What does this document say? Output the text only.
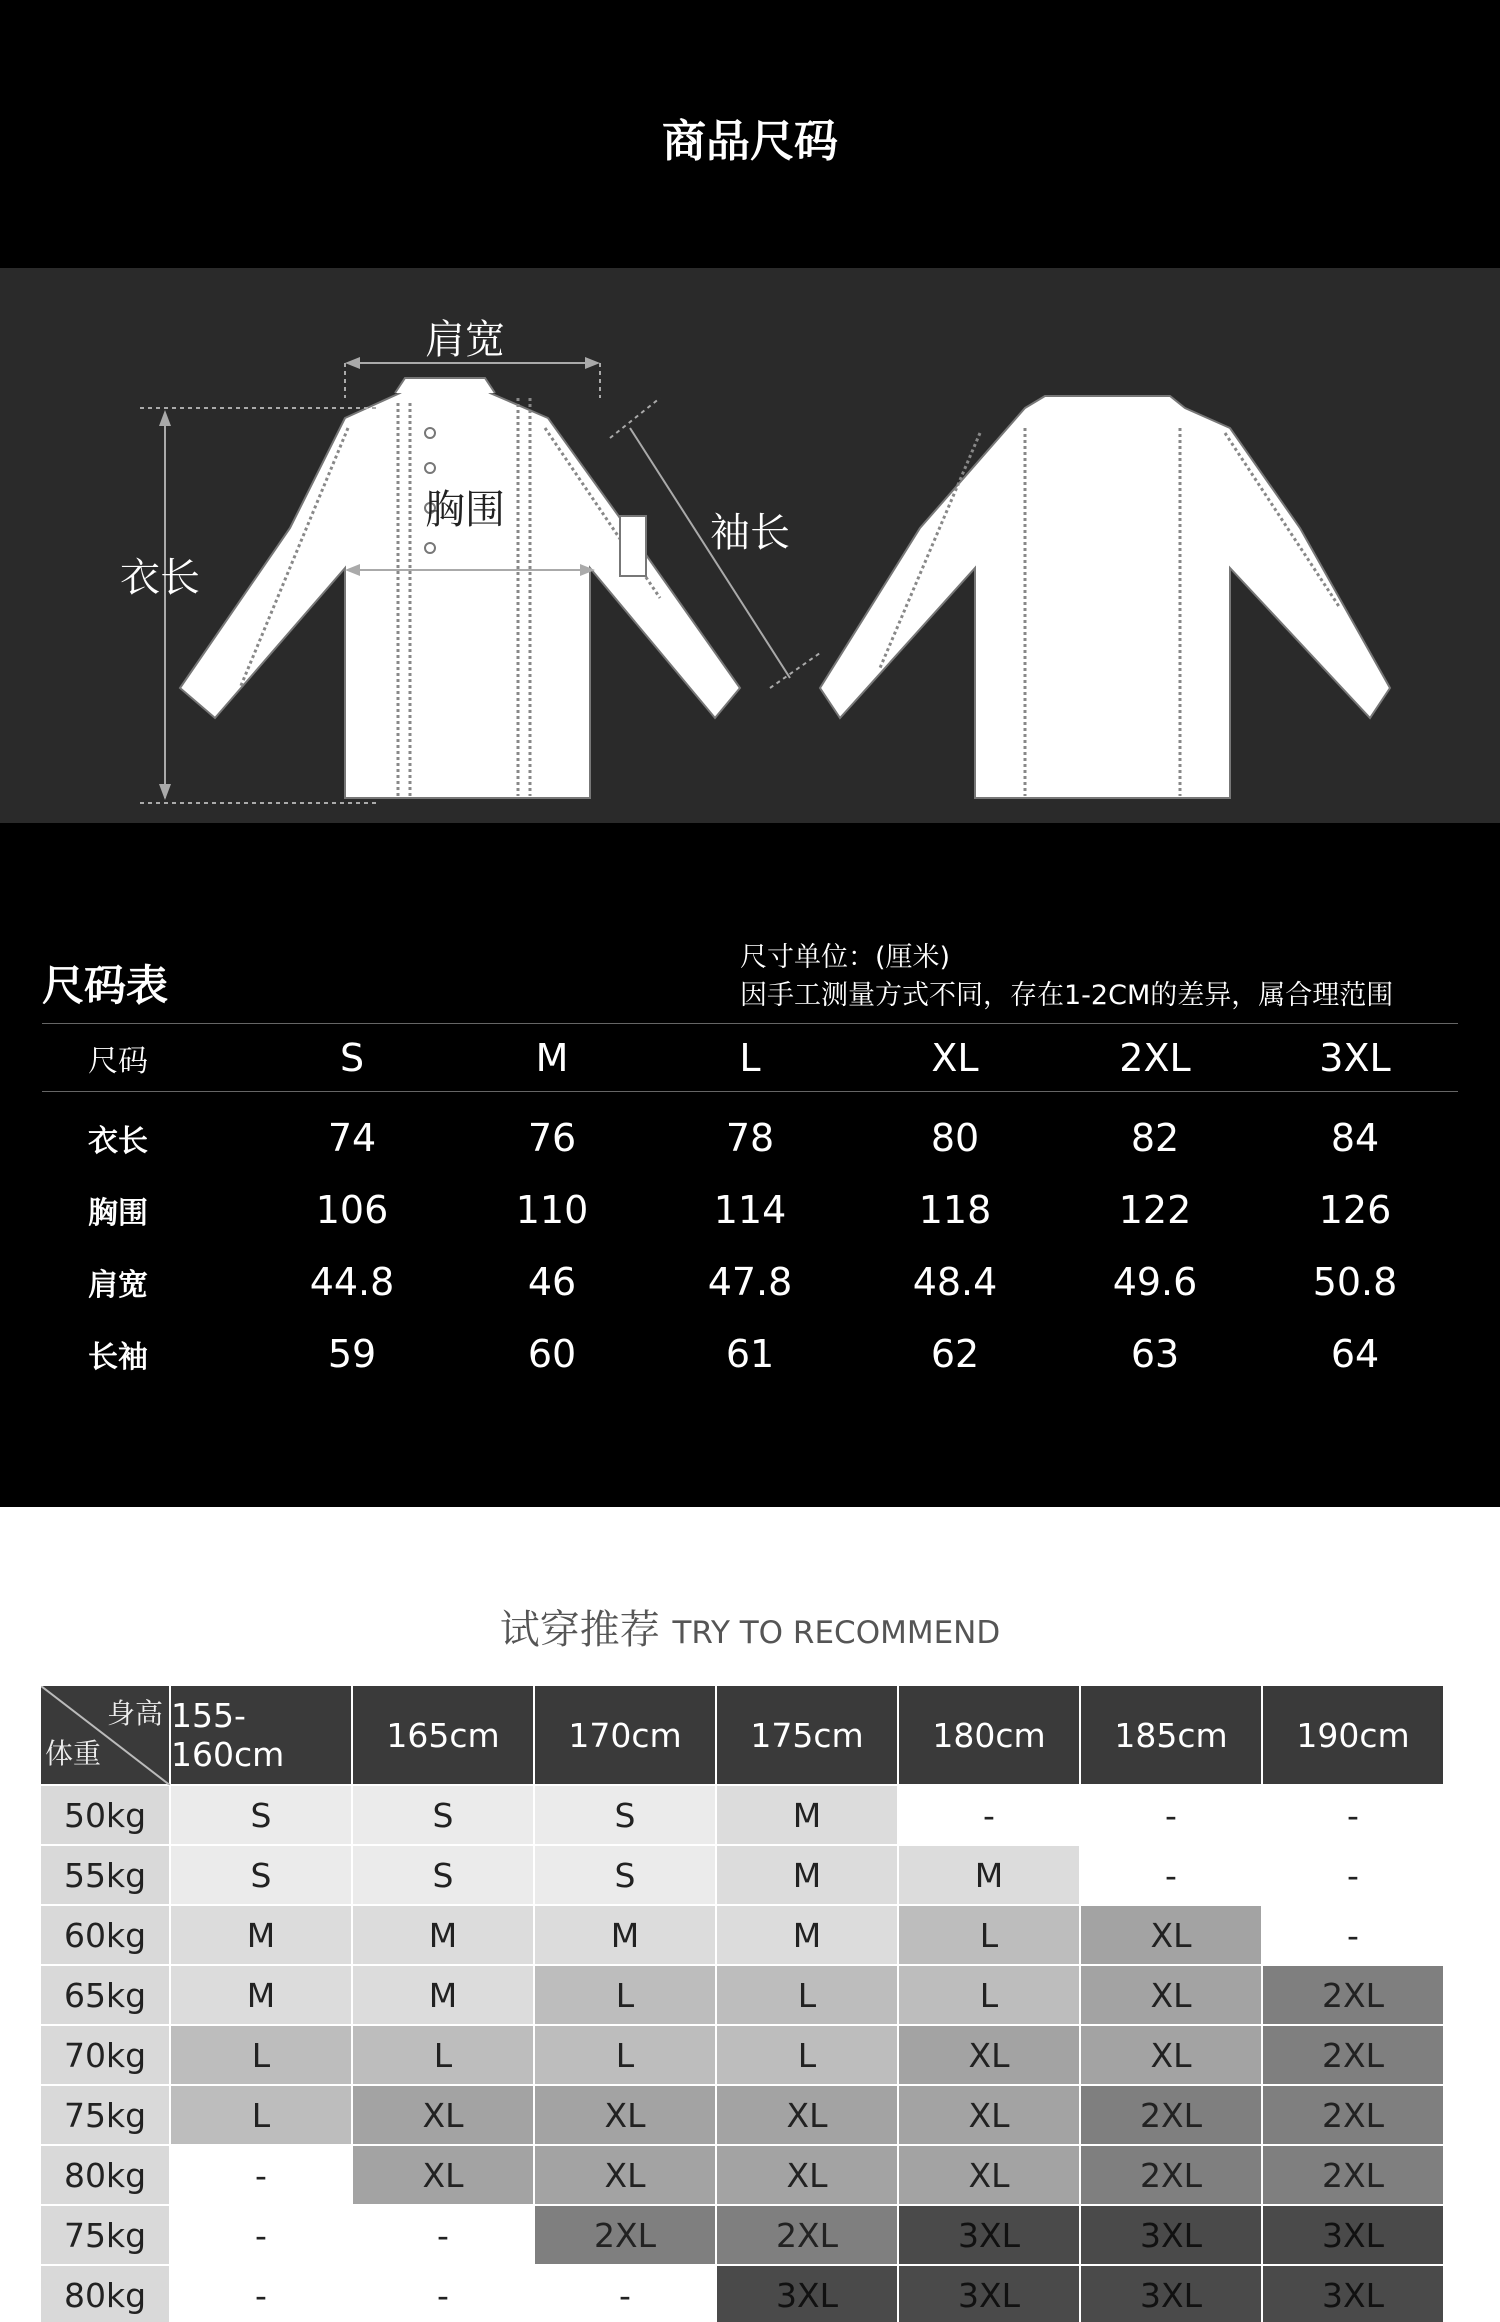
商品尺码
肩宽
胸围	袖长
衣长
尺码表
尺寸单位：(厘米)
因手工测量方式不同，存在1-2CM的差异，属合理范围
尺码	S	M	L	XL	2XL	3XL
衣长	74	76	78	80	82	84
胸围	106	110	114	118	122	126
肩宽	44.8	46	47.8	48.4	49.6	50.8
长袖	59	60	61	62	63	64
试穿推荐 TRY TO RECOMMEND
身高
体重
155-160cm	165cm	170cm	175cm	180cm	185cm	190cm
50kg	S	S	S	M	-	-	-
55kg	S	S	S	M	M	-	-
60kg	M	M	M	M	L	XL	-
65kg	M	M	L	L	L	XL	2XL
70kg	L	L	L	L	XL	XL	2XL
75kg	L	XL	XL	XL	XL	2XL	2XL
80kg	-	XL	XL	XL	XL	2XL	2XL
75kg	-	-	2XL	2XL	3XL	3XL	3XL
80kg	-	-	-	3XL	3XL	3XL	3XL
